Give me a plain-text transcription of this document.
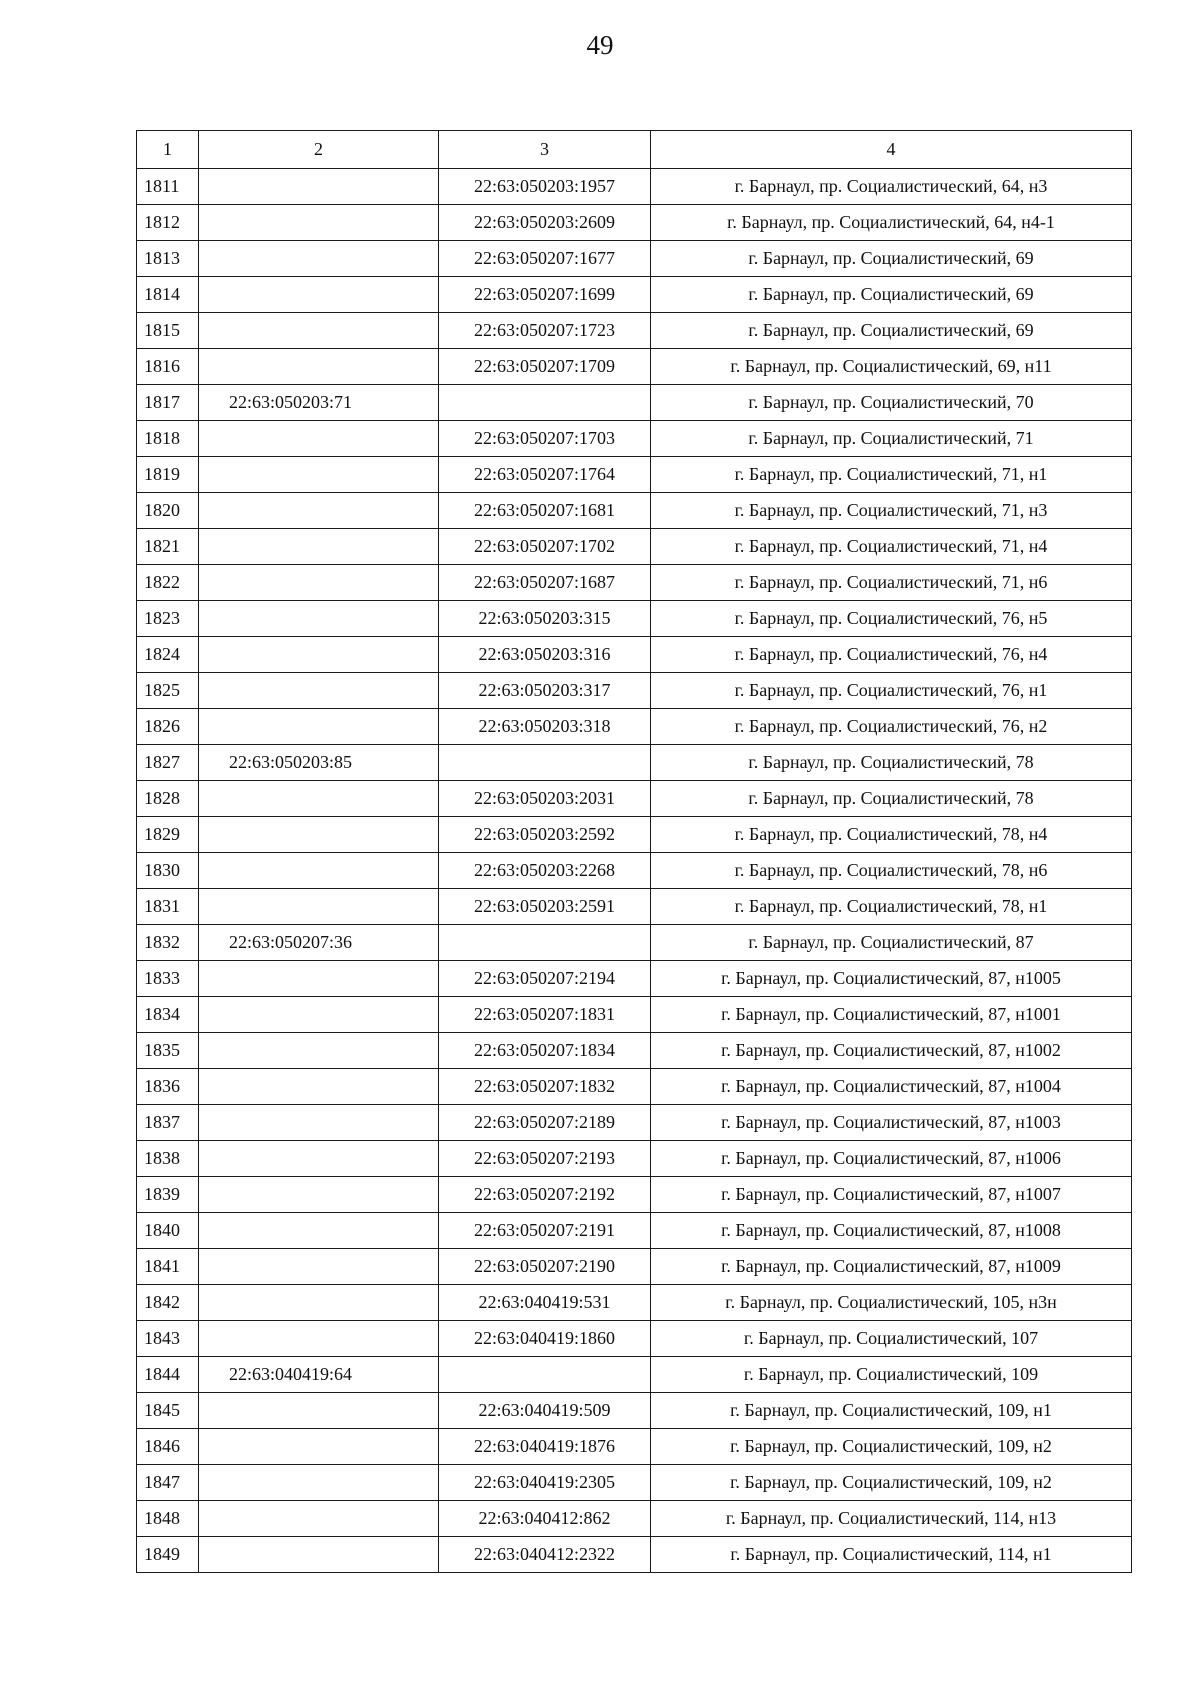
49
1	2	3	4
1811		22:63:050203:1957	г. Барнаул, пр. Социалистический, 64, н3
1812		22:63:050203:2609	г. Барнаул, пр. Социалистический, 64, н4-1
1813		22:63:050207:1677	г. Барнаул, пр. Социалистический, 69
1814		22:63:050207:1699	г. Барнаул, пр. Социалистический, 69
1815		22:63:050207:1723	г. Барнаул, пр. Социалистический, 69
1816		22:63:050207:1709	г. Барнаул, пр. Социалистический, 69, н11
1817	22:63:050203:71		г. Барнаул, пр. Социалистический, 70
1818		22:63:050207:1703	г. Барнаул, пр. Социалистический, 71
1819		22:63:050207:1764	г. Барнаул, пр. Социалистический, 71, н1
1820		22:63:050207:1681	г. Барнаул, пр. Социалистический, 71, н3
1821		22:63:050207:1702	г. Барнаул, пр. Социалистический, 71, н4
1822		22:63:050207:1687	г. Барнаул, пр. Социалистический, 71, н6
1823		22:63:050203:315	г. Барнаул, пр. Социалистический, 76, н5
1824		22:63:050203:316	г. Барнаул, пр. Социалистический, 76, н4
1825		22:63:050203:317	г. Барнаул, пр. Социалистический, 76, н1
1826		22:63:050203:318	г. Барнаул, пр. Социалистический, 76, н2
1827	22:63:050203:85		г. Барнаул, пр. Социалистический, 78
1828		22:63:050203:2031	г. Барнаул, пр. Социалистический, 78
1829		22:63:050203:2592	г. Барнаул, пр. Социалистический, 78, н4
1830		22:63:050203:2268	г. Барнаул, пр. Социалистический, 78, н6
1831		22:63:050203:2591	г. Барнаул, пр. Социалистический, 78, н1
1832	22:63:050207:36		г. Барнаул, пр. Социалистический, 87
1833		22:63:050207:2194	г. Барнаул, пр. Социалистический, 87, н1005
1834		22:63:050207:1831	г. Барнаул, пр. Социалистический, 87, н1001
1835		22:63:050207:1834	г. Барнаул, пр. Социалистический, 87, н1002
1836		22:63:050207:1832	г. Барнаул, пр. Социалистический, 87, н1004
1837		22:63:050207:2189	г. Барнаул, пр. Социалистический, 87, н1003
1838		22:63:050207:2193	г. Барнаул, пр. Социалистический, 87, н1006
1839		22:63:050207:2192	г. Барнаул, пр. Социалистический, 87, н1007
1840		22:63:050207:2191	г. Барнаул, пр. Социалистический, 87, н1008
1841		22:63:050207:2190	г. Барнаул, пр. Социалистический, 87, н1009
1842		22:63:040419:531	г. Барнаул, пр. Социалистический, 105, н3н
1843		22:63:040419:1860	г. Барнаул, пр. Социалистический, 107
1844	22:63:040419:64		г. Барнаул, пр. Социалистический, 109
1845		22:63:040419:509	г. Барнаул, пр. Социалистический, 109, н1
1846		22:63:040419:1876	г. Барнаул, пр. Социалистический, 109, н2
1847		22:63:040419:2305	г. Барнаул, пр. Социалистический, 109, н2
1848		22:63:040412:862	г. Барнаул, пр. Социалистический, 114, н13
1849		22:63:040412:2322	г. Барнаул, пр. Социалистический, 114, н1
